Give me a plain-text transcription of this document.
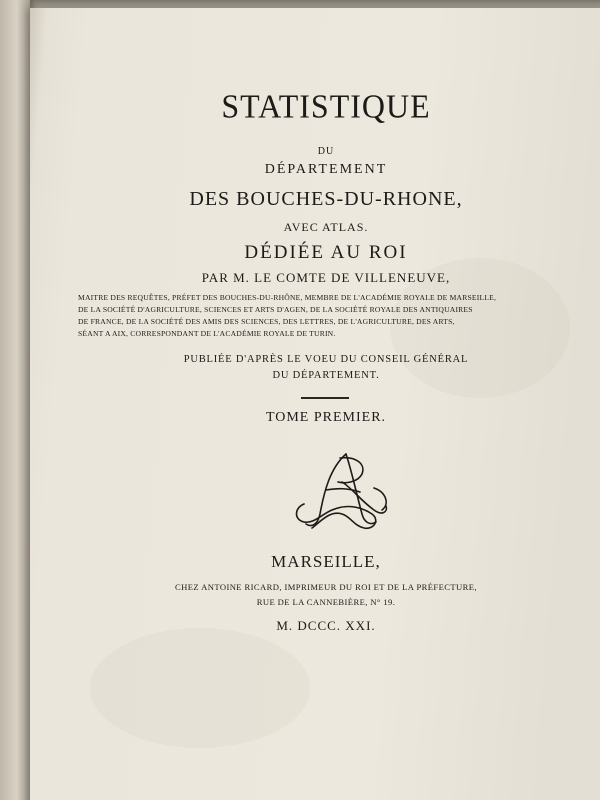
STATISTIQUE
DU
DÉPARTEMENT
DES BOUCHES-DU-RHONE,
AVEC ATLAS.
DÉDIÉE AU ROI
PAR M. LE COMTE DE VILLENEUVE,
MAITRE DES REQUÊTES, PRÉFET DES BOUCHES-DU-RHÔNE, MEMBRE DE L'ACADÉMIE ROYALE DE MARSEILLE,
DE LA SOCIÉTÉ D'AGRICULTURE, SCIENCES ET ARTS D'AGEN, DE LA SOCIÉTÉ ROYALE DES ANTIQUAIRES
DE FRANCE, DE LA SOCIÉTÉ DES AMIS DES SCIENCES, DES LETTRES, DE L'AGRICULTURE, DES ARTS,
SÉANT A AIX, CORRESPONDANT DE L'ACADÉMIE ROYALE DE TURIN.
PUBLIÉE D'APRÈS LE VOEU DU CONSEIL GÉNÉRAL
DU DÉPARTEMENT.
TOME PREMIER.
MARSEILLE,
CHEZ ANTOINE RICARD, IMPRIMEUR DU ROI ET DE LA PRÉFECTURE,
RUE DE LA CANNEBIÈRE, N° 19.
M. DCCC. XXI.
